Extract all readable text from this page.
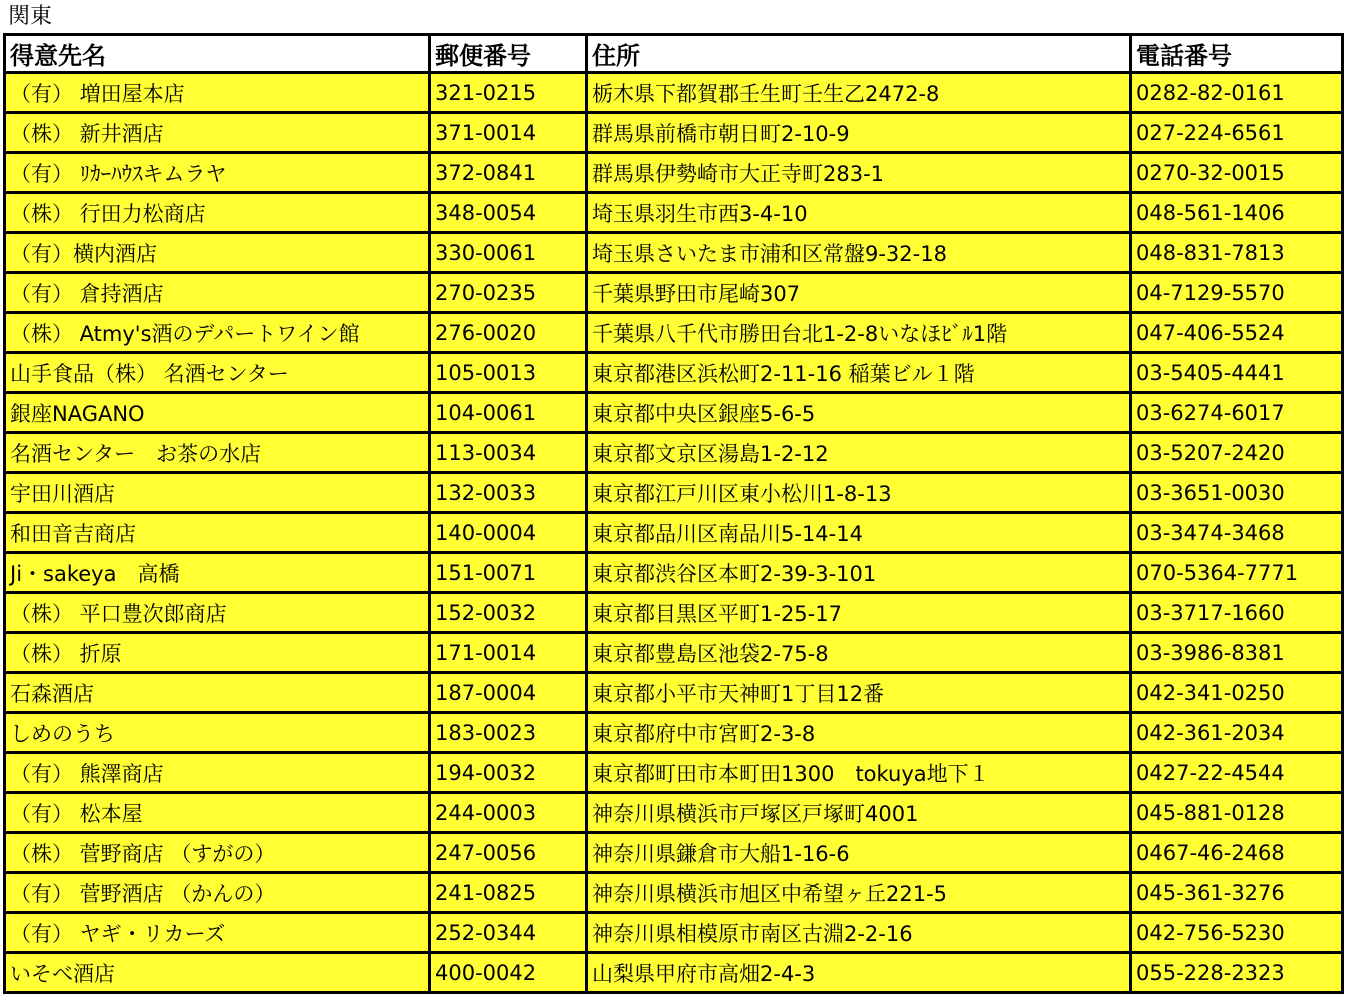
関東
得意先名	郵便番号	住所	電話番号
（有） 増田屋本店	321-0215	栃木県下都賀郡壬生町壬生乙2472-8	0282-82-0161
（株） 新井酒店	371-0014	群馬県前橋市朝日町2-10-9	027-224-6561
（有） ﾘｶｰﾊｳｽキムラヤ	372-0841	群馬県伊勢崎市大正寺町283-1	0270-32-0015
（株） 行田力松商店	348-0054	埼玉県羽生市西3-4-10	048-561-1406
（有）横内酒店	330-0061	埼玉県さいたま市浦和区常盤9-32-18	048-831-7813
（有） 倉持酒店	270-0235	千葉県野田市尾崎307	04-7129-5570
（株） Atmy's酒のデパートワイン館	276-0020	千葉県八千代市勝田台北1-2-8いなほﾋﾞﾙ1階	047-406-5524
山手食品（株） 名酒センター	105-0013	東京都港区浜松町2-11-16 稲葉ビル１階	03-5405-4441
銀座NAGANO	104-0061	東京都中央区銀座5-6-5	03-6274-6017
名酒センター　お茶の水店	113-0034	東京都文京区湯島1-2-12	03-5207-2420
宇田川酒店	132-0033	東京都江戸川区東小松川1-8-13	03-3651-0030
和田音吉商店	140-0004	東京都品川区南品川5-14-14	03-3474-3468
Ji・sakeya　高橋	151-0071	東京都渋谷区本町2-39-3-101	070-5364-7771
（株） 平口豊次郎商店	152-0032	東京都目黒区平町1-25-17	03-3717-1660
（株） 折原	171-0014	東京都豊島区池袋2-75-8	03-3986-8381
石森酒店	187-0004	東京都小平市天神町1丁目12番	042-341-0250
しめのうち	183-0023	東京都府中市宮町2-3-8	042-361-2034
（有） 熊澤商店	194-0032	東京都町田市本町田1300　tokuya地下１	0427-22-4544
（有） 松本屋	244-0003	神奈川県横浜市戸塚区戸塚町4001	045-881-0128
（株） 菅野商店 （すがの）	247-0056	神奈川県鎌倉市大船1-16-6	0467-46-2468
（有） 菅野酒店 （かんの）	241-0825	神奈川県横浜市旭区中希望ヶ丘221-5	045-361-3276
（有） ヤギ・リカーズ	252-0344	神奈川県相模原市南区古淵2-2-16	042-756-5230
いそべ酒店	400-0042	山梨県甲府市高畑2-4-3	055-228-2323
